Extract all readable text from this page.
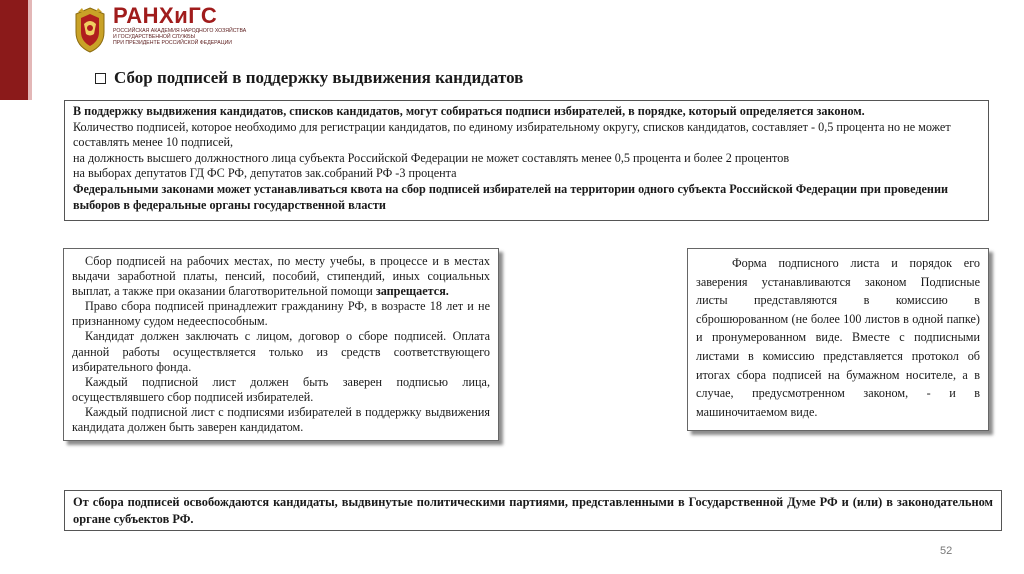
РАНХиГС
РОССИЙСКАЯ АКАДЕМИЯ НАРОДНОГО ХОЗЯЙСТВА
И ГОСУДАРСТВЕННОЙ СЛУЖБЫ
ПРИ ПРЕЗИДЕНТЕ РОССИЙСКОЙ ФЕДЕРАЦИИ
Сбор подписей в поддержку выдвижения кандидатов

В поддержку выдвижения кандидатов, списков кандидатов, могут собираться подписи избирателей, в порядке, который определяется законом.

Количество подписей, которое необходимо для регистрации кандидатов, по единому избирательному округу, списков кандидатов, составляет - 0,5 процента но не может составлять менее 10 подписей,

на должность высшего должностного лица субъекта Российской Федерации не может составлять менее 0,5 процента и более 2 процентов

на выборах депутатов ГД ФС РФ, депутатов зак.собраний РФ -3 процента

Федеральными законами может устанавливаться квота на сбор подписей избирателей на территории одного субъекта Российской Федерации при проведении выборов в федеральные органы государственной власти

Сбор подписей на рабочих местах, по месту учебы, в процессе и в местах выдачи заработной платы, пенсий, пособий, стипендий, иных социальных выплат, а также при оказании благотворительной помощи запрещается.

Право сбора подписей принадлежит гражданину РФ, в возрасте 18 лет и не признанному судом недееспособным.

Кандидат должен заключать с лицом, договор о сборе подписей. Оплата данной работы осуществляется только из средств соответствующего избирательного фонда.

Каждый подписной лист должен быть заверен подписью лица, осуществлявшего сбор подписей избирателей.

Каждый подписной лист с подписями избирателей в поддержку выдвижения кандидата должен быть заверен кандидатом.

Форма подписного листа и порядок его заверения устанавливаются законом Подписные листы представляются в комиссию в сброшюрованном (не более 100 листов в одной папке) и пронумерованном виде. Вместе с подписными листами в комиссию представляется протокол об итогах сбора подписей на бумажном носителе, а в случае, предусмотренном законом, - и в машиночитаемом виде.

От сбора подписей освобождаются кандидаты, выдвинутые политическими партиями, представленными в Государственной Думе РФ и (или) в законодательном органе субъектов РФ.

52
